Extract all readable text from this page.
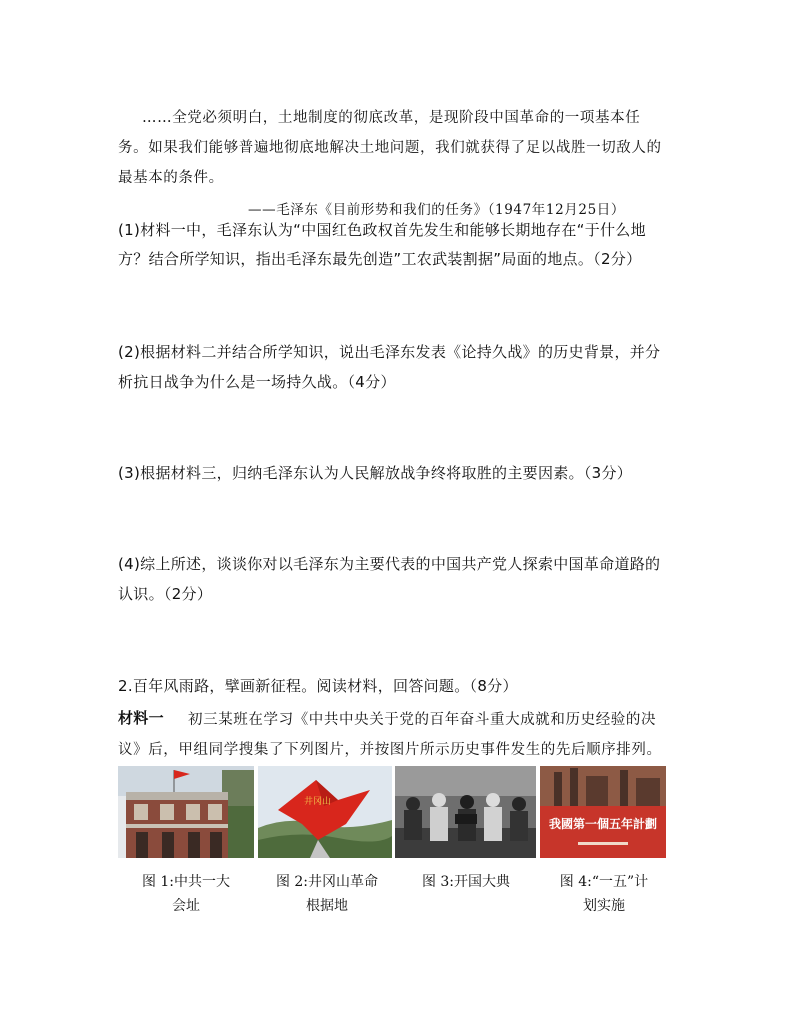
……全党必须明白，土地制度的彻底改革，是现阶段中国革命的一项基本任
务。如果我们能够普遍地彻底地解决土地问题，我们就获得了足以战胜一切敌人的
最基本的条件。
——毛泽东《目前形势和我们的任务》（1947年12月25日）
(1)材料一中，毛泽东认为“中国红色政权首先发生和能够长期地存在“于什么地
方？结合所学知识，指出毛泽东最先创造”工农武装割据”局面的地点。（2分）
(2)根据材料二并结合所学知识，说出毛泽东发表《论持久战》的历史背景，并分
析抗日战争为什么是一场持久战。（4分）
(3)根据材料三，归纳毛泽东认为人民解放战争终将取胜的主要因素。（3分）
(4)综上所述，谈谈你对以毛泽东为主要代表的中国共产党人探索中国革命道路的
认识。（2分）
2.百年风雨路，擘画新征程。阅读材料，回答问题。（8分）
材料一 初三某班在学习《中共中央关于党的百年奋斗重大成就和历史经验的决
议》后，甲组同学搜集了下列图片，并按图片所示历史事件发生的先后顺序排列。
井冈山
我國第一個五年計劃
图 1:中共一大
会址
图 2:井冈山革命
根据地
图 3:开国大典	图 4:“一五”计
划实施
